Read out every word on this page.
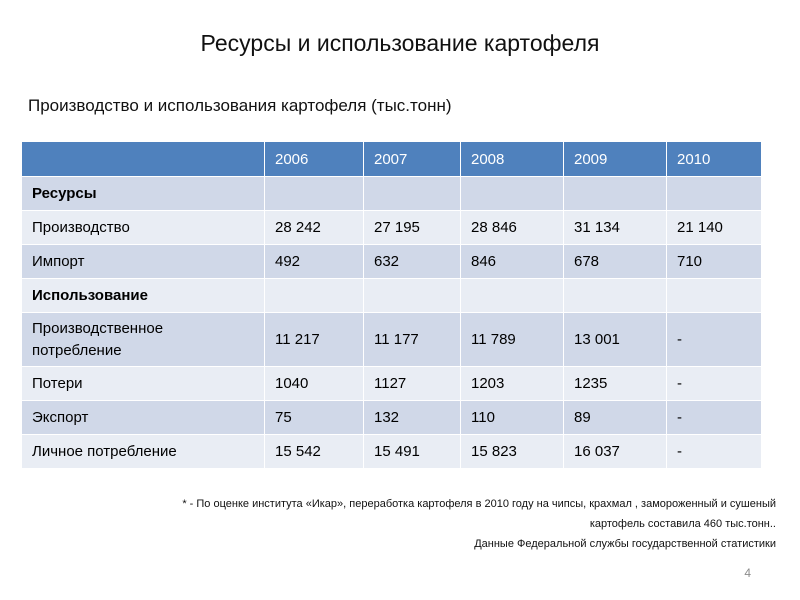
Ресурсы и использование картофеля
Производство и использования картофеля (тыс.тонн)
	2006	2007	2008	2009	2010
Ресурсы					
Производство	28 242	27 195	28 846	31 134	21 140
Импорт	492	632	846	678	710
Использование					
Производственное потребление	11 217	11 177	11 789	13 001	-
Потери	1040	1127	1203	1235	-
Экспорт	75	132	110	89	-
Личное потребление	15 542	15 491	15 823	16 037	-
* - По оценке института «Икар», переработка картофеля в 2010 году на чипсы, крахмал , замороженный и сушеный
картофель составила 460 тыс.тонн..
Данные Федеральной службы государственной статистики
4
